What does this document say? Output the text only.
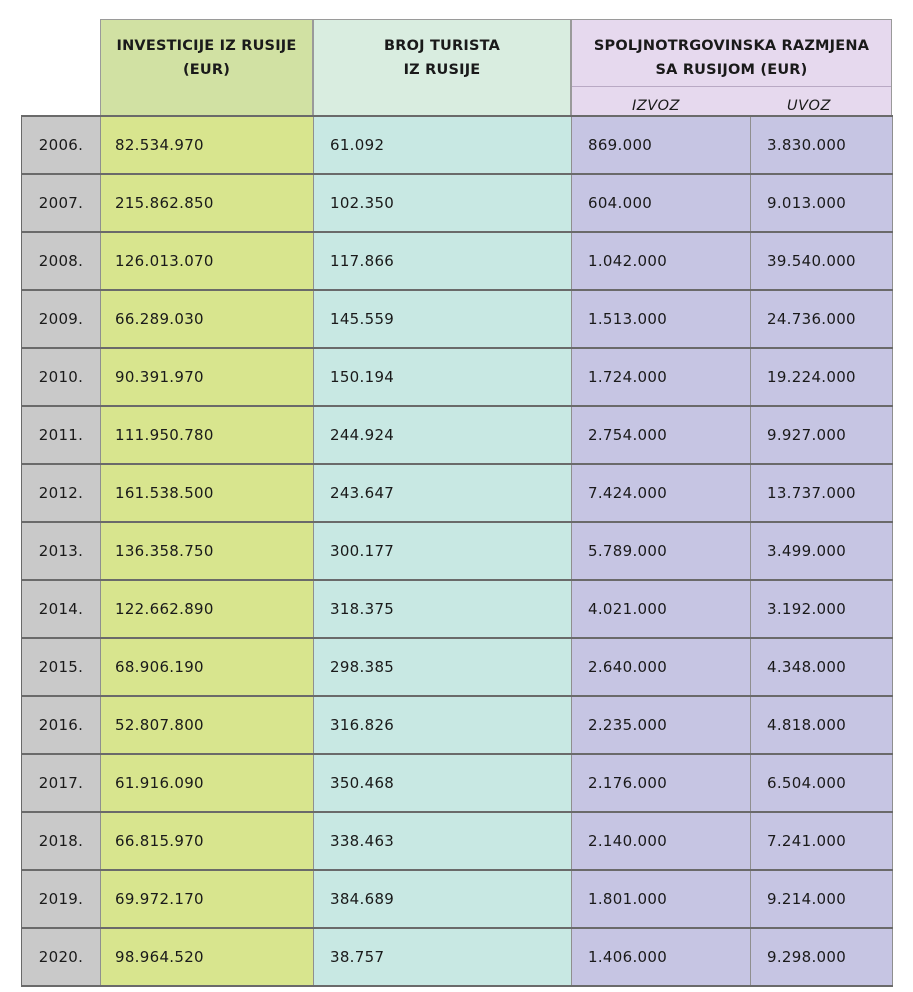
INVESTICIJE IZ RUSIJE
(EUR)
BROJ TURISTA
IZ RUSIJE
SPOLJNOTRGOVINSKA RAZMJENA
SA RUSIJOM (EUR)
IZVOZ	UVOZ
2006.	82.534.970	61.092	869.000	3.830.000
2007.	215.862.850	102.350	604.000	9.013.000
2008.	126.013.070	117.866	1.042.000	39.540.000
2009.	66.289.030	145.559	1.513.000	24.736.000
2010.	90.391.970	150.194	1.724.000	19.224.000
2011.	111.950.780	244.924	2.754.000	9.927.000
2012.	161.538.500	243.647	7.424.000	13.737.000
2013.	136.358.750	300.177	5.789.000	3.499.000
2014.	122.662.890	318.375	4.021.000	3.192.000
2015.	68.906.190	298.385	2.640.000	4.348.000
2016.	52.807.800	316.826	2.235.000	4.818.000
2017.	61.916.090	350.468	2.176.000	6.504.000
2018.	66.815.970	338.463	2.140.000	7.241.000
2019.	69.972.170	384.689	1.801.000	9.214.000
2020.	98.964.520	38.757	1.406.000	9.298.000
